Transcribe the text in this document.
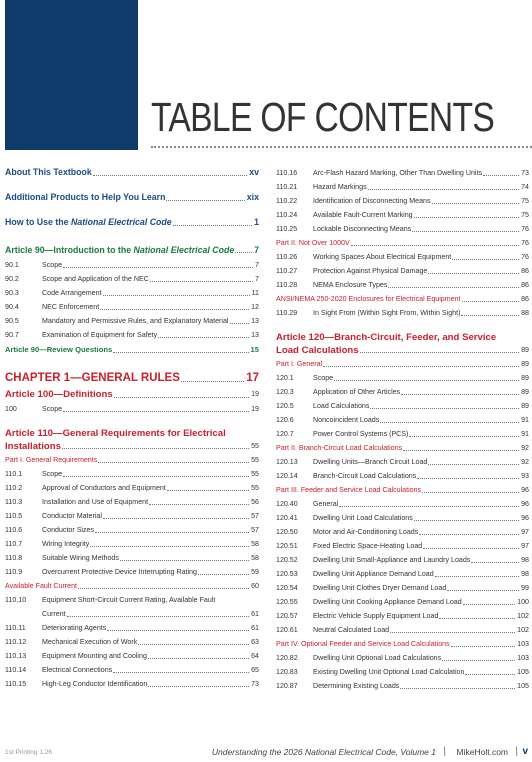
TABLE OF CONTENTS
About This Textbook	xv
Additional Products to Help You Learn	xix
How to Use the National Electrical Code	1
Article 90—Introduction to the National Electrical Code 7
90.1	Scope	7
90.2	Scope and Application of the NEC	7
90.3	Code Arrangement	11
90.4	NEC Enforcement	12
90.5	Mandatory and Permissive Rules, and Explanatory Material	13
90.7	Examination of Equipment for Safety	13
Article 90—Review Questions	15
CHAPTER 1—GENERAL RULES	17
Article 100—Definitions	19
100	Scope	19
Article 110—General Requirements for Electrical
Installations	55
Part I. General Requirements	55
110.1	Scope	55
110.2	Approval of Conductors and Equipment	55
110.3	Installation and Use of Equipment	56
110.5	Conductor Material	57
110.6	Conductor Sizes	57
110.7	Wiring Integrity	58
110.8	Suitable Wiring Methods	58
110.9	Overcurrent Protective Device Interrupting Rating	59
Available Fault Current	60
110.10	Equipment Short-Circuit Current Rating, Available Fault
Current	61
110.11	Deteriorating Agents	61
110.12	Mechanical Execution of Work	63
110.13	Equipment Mounting and Cooling	64
110.14	Electrical Connections	65
110.15	High-Leg Conductor Identification	73
110.16	Arc-Flash Hazard Marking, Other Than Dwelling Units	73
110.21	Hazard Markings	74
110.22	Identification of Disconnecting Means	75
110.24	Available Fault-Current Marking	75
110.25	Lockable Disconnecting Means	76
Part II. Not Over 1000V	76
110.26	Working Spaces About Electrical Equipment	76
110.27	Protection Against Physical Damage	86
110.28	NEMA Enclosure Types	86
ANSI/NEMA 250-2020 Enclosures for Electrical Equipment	86
110.29	In Sight From (Within Sight From, Within Sight)	88
Article 120—Branch-Circuit, Feeder, and Service
Load Calculations	89
Part I. General	89
120.1	Scope	89
120.3	Application of Other Articles	89
120.5	Load Calculations	89
120.6	Noncoincident Loads	91
120.7	Power Control Systems (PCS)	91
Part II. Branch-Circuit Load Calculations	92
120.13	Dwelling Units—Branch Circuit Load	92
120.14	Branch-Circuit Load Calculations	93
Part III. Feeder and Service Load Calculations	96
120.40	General	96
120.41	Dwelling Unit Load Calculations	96
120.50	Motor and Air-Conditioning Loads	97
120.51	Fixed Electric Space-Heating Load	97
120.52	Dwelling Unit Small-Appliance and Laundry Loads	98
120.53	Dwelling Unit Appliance Demand Load	98
120.54	Dwelling Unit Clothes Dryer Demand Load	99
120.55	Dwelling Unit Cooking Appliance Demand Load	100
120.57	Electric Vehicle Supply Equipment Load	102
120.61	Neutral Calculated Load	102
Part IV. Optional Feeder and Service Load Calculations	103
120.82	Dwelling Unit Optional Load Calculations	103
120.83	Existing Dwelling Unit Optional Load Calculation	105
120.87	Determining Existing Loads	105
1st Printing 1.26	Understanding the 2026 National Electrical Code, Volume 1 | MikeHolt.com | v
